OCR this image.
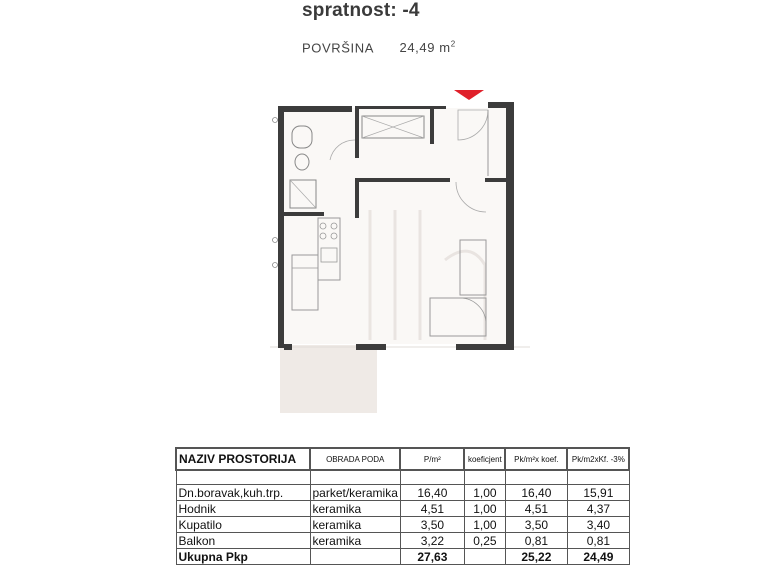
spratnost: -4
POVRŠINA 24,49 $m^2$
NAZIV PROSTORIJA	OBRADA PODA	P/m²	koeficjent	Pk/m²x koef.	Pk/m2xKf. -3%

Dn.boravak,kuh.trp.	parket/keramika	16,40	1,00	16,40	15,91
Hodnik	keramika	4,51	1,00	4,51	4,37
Kupatilo	keramika	3,50	1,00	3,50	3,40
Balkon	keramika	3,22	0,25	0,81	0,81
Ukupna Pkp		27,63		25,22	24,49
